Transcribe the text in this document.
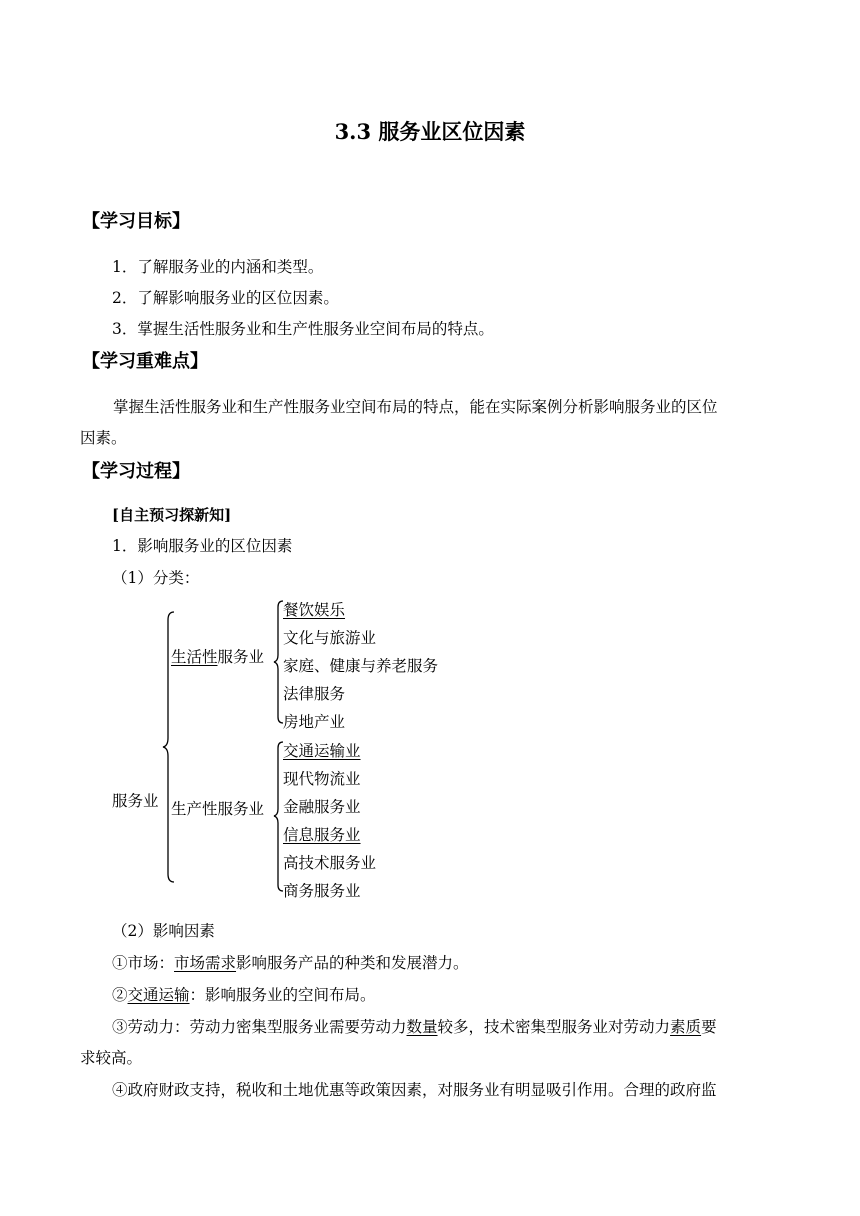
3.3 服务业区位因素
【学习目标】
1．了解服务业的内涵和类型。
2．了解影响服务业的区位因素。
3．掌握生活性服务业和生产性服务业空间布局的特点。
【学习重难点】
掌握生活性服务业和生产性服务业空间布局的特点，能在实际案例分析影响服务业的区位
因素。
【学习过程】
[自主预习探新知]
1．影响服务业的区位因素
（1）分类：
服务业
生活性服务业
餐饮娱乐
文化与旅游业
家庭、健康与养老服务
法律服务
房地产业
生产性服务业
交通运输业
现代物流业
金融服务业
信息服务业
高技术服务业
商务服务业
（2）影响因素
①市场：市场需求影响服务产品的种类和发展潜力。
②交通运输：影响服务业的空间布局。
③劳动力：劳动力密集型服务业需要劳动力数量较多，技术密集型服务业对劳动力素质要
求较高。
④政府财政支持，税收和土地优惠等政策因素，对服务业有明显吸引作用。合理的政府监
